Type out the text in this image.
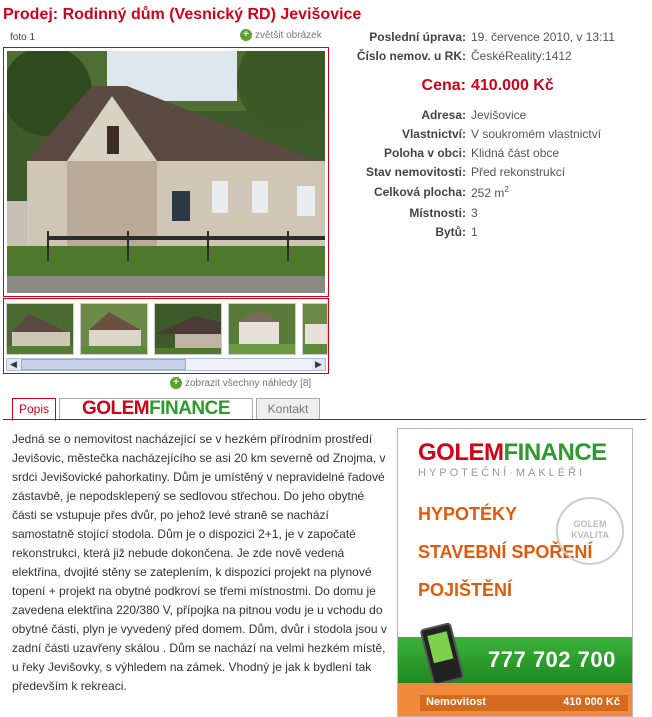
Prodej: Rodinný dům (Vesnický RD) Jevišovice
foto 1	+ zvětšit obrázek
◀	▶
+ zobrazit všechny náhledy [8]
Poslední úprava: 19. července 2010, v 13:11
Číslo nemov. u RK: ČeskéReality:1412
Cena: 410.000 Kč
Adresa: Jevišovice
Vlastnictví: V soukromém vlastnictví
Poloha v obci: Klidná část obce
Stav nemovitosti: Před rekonstrukcí
Celková plocha: 252 $m^2$
Místnosti: 3
Bytů: 1
Popis	GOLEMFINANCE	Kontakt
Jedná se o nemovitost nacházející se v hezkém přírodním prostředí Jevišovic, městečka nacházejícího se asi 20 km severně od Znojma, v srdci Jevišovické pahorkatiny. Dům je umístěný v nepravidelné řadové zástavbě, je nepodsklepený se sedlovou střechou. Do jeho obytné části se vstupuje přes dvůr, po jehož levé straně se nachází samostatně stojící stodola. Dům je o dispozici 2+1, je v započaté rekonstrukci, která již nebude dokončena. Je zde nově vedená elektřina, dvojité stěny se zateplením, k dispozici projekt na plynové topení + projekt na obytné podkroví se třemi místnostmi. Do domu je zavedena elektřina 220/380 V, přípojka na pitnou vodu je u vchodu do obytné části, plyn je vyvedený před domem. Dům, dvůr i stodola jsou v zadní části uzavřeny skálou . Dům se nachází na velmi hezkém místě, u řeky Jevišovky, s výhledem na zámek. Vhodný je jak k bydlení tak především k rekreaci.
GOLEMFINANCE
HYPOTEČNÍ·MAKLÉŘI
HYPOTÉKY
STAVEBNÍ SPOŘENÍ
POJIŠTĚNÍ
GOLEM KVALITA
777 702 700
Nemovitost	410 000 Kč
